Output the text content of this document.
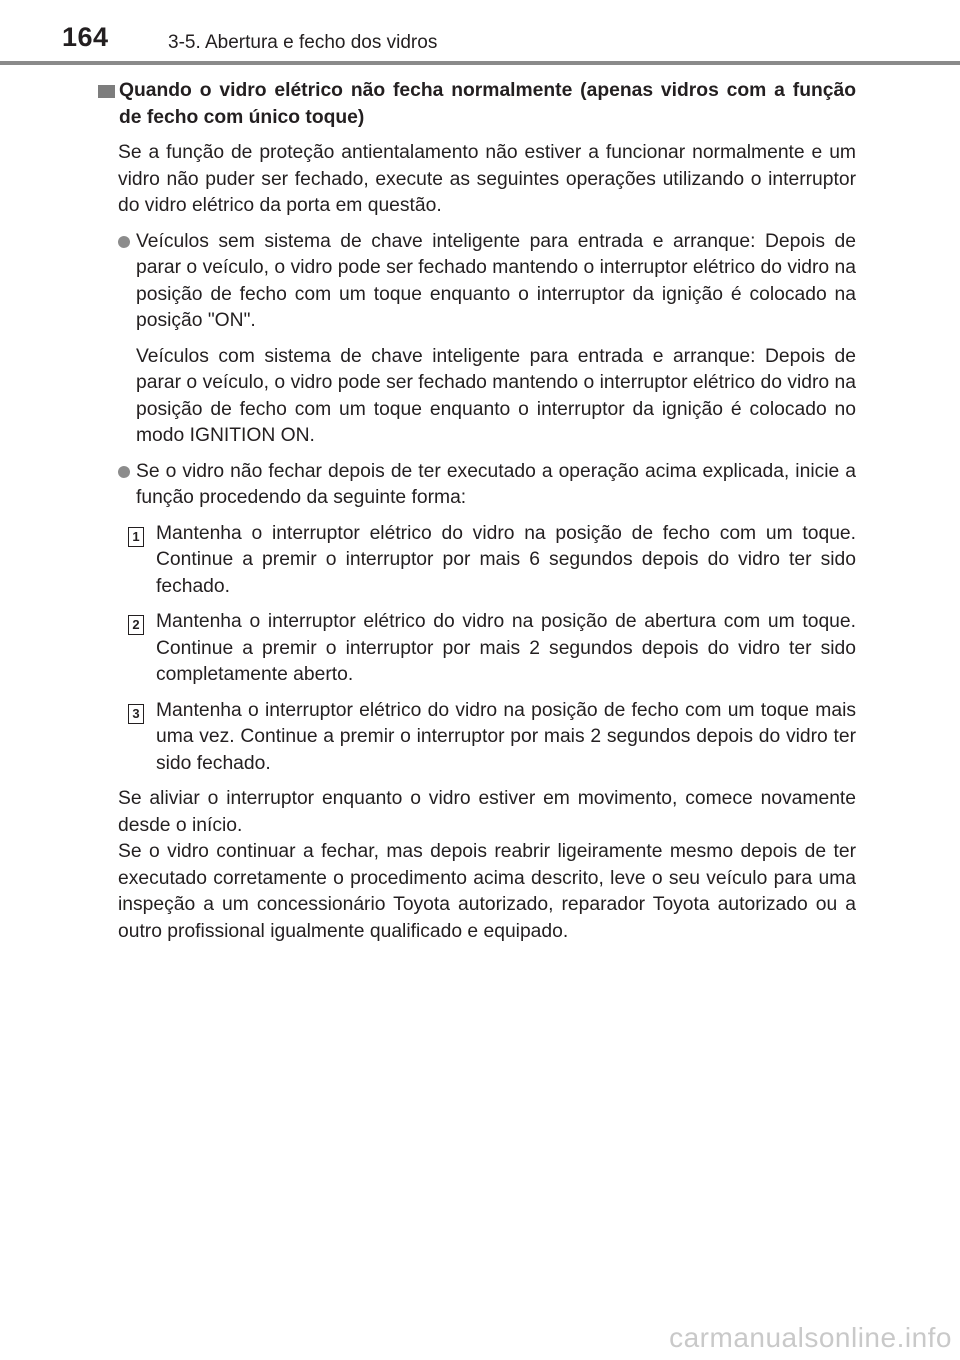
164	3-5. Abertura e fecho dos vidros
Quando o vidro elétrico não fecha normalmente (apenas vidros com a função de fecho com único toque)

Se a função de proteção antientalamento não estiver a funcionar normalmente e um vidro não puder ser fechado, execute as seguintes operações utilizando o interruptor do vidro elétrico da porta em questão.

Veículos sem sistema de chave inteligente para entrada e arranque: Depois de parar o veículo, o vidro pode ser fechado mantendo o interruptor elétrico do vidro na posição de fecho com um toque enquanto o interruptor da ignição é colocado na posição "ON".

Veículos com sistema de chave inteligente para entrada e arranque: Depois de parar o veículo, o vidro pode ser fechado mantendo o interruptor elétrico do vidro na posição de fecho com um toque enquanto o interruptor da ignição é colocado no modo IGNITION ON.

Se o vidro não fechar depois de ter executado a operação acima explicada, inicie a função procedendo da seguinte forma:
1 Mantenha o interruptor elétrico do vidro na posição de fecho com um toque. Continue a premir o interruptor por mais 6 segundos depois do vidro ter sido fechado.
2 Mantenha o interruptor elétrico do vidro na posição de abertura com um toque. Continue a premir o interruptor por mais 2 segundos depois do vidro ter sido completamente aberto.
3 Mantenha o interruptor elétrico do vidro na posição de fecho com um toque mais uma vez. Continue a premir o interruptor por mais 2 segundos depois do vidro ter sido fechado.

Se aliviar o interruptor enquanto o vidro estiver em movimento, comece novamente desde o início.

Se o vidro continuar a fechar, mas depois reabrir ligeiramente mesmo depois de ter executado corretamente o procedimento acima descrito, leve o seu veículo para uma inspeção a um concessionário Toyota autorizado, reparador Toyota autorizado ou a outro profissional igualmente qualificado e equipado.

carmanualsonline.info
